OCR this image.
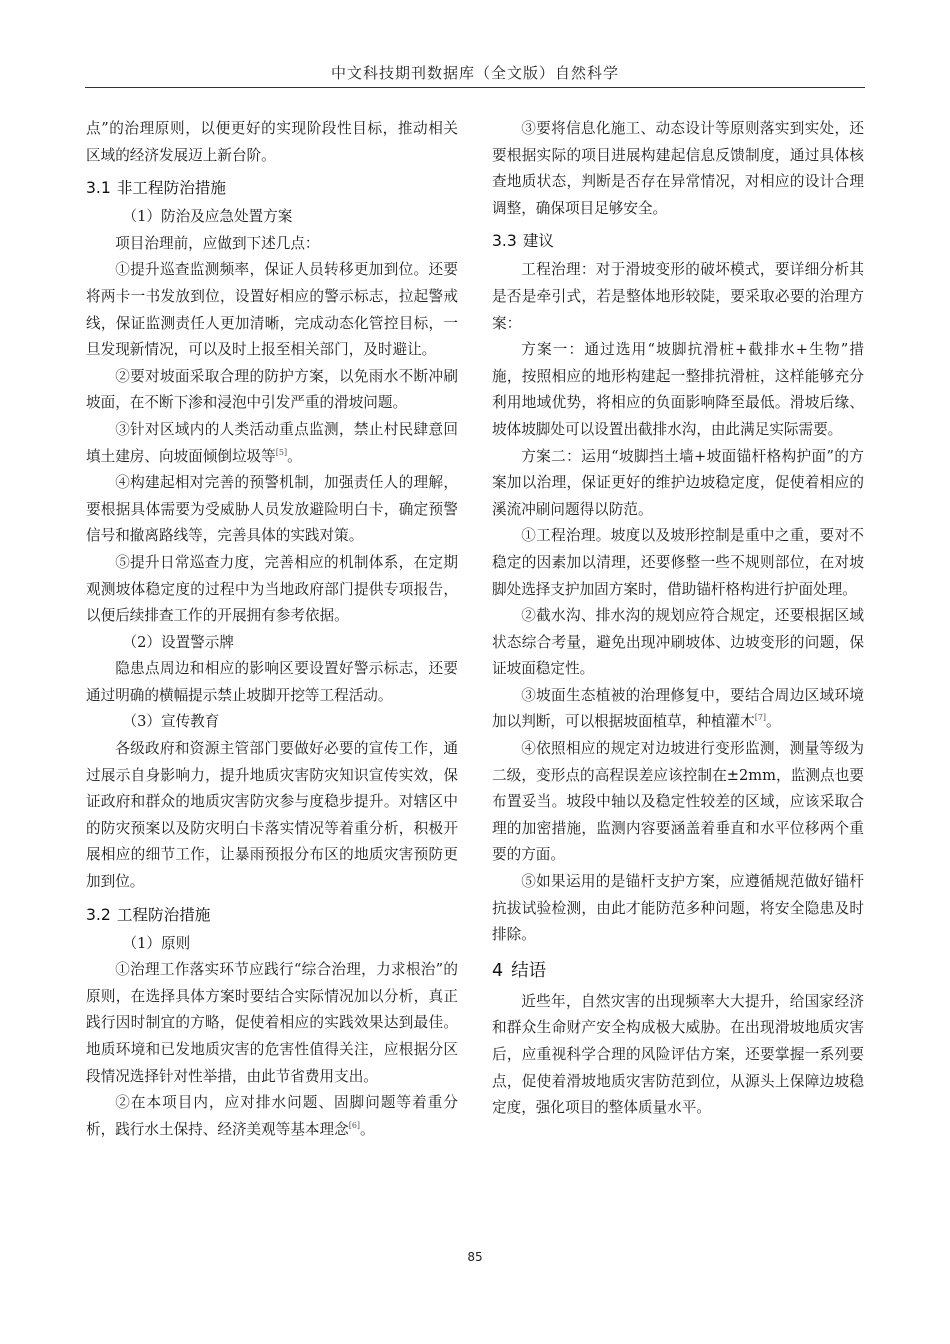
中文科技期刊数据库（全文版）自然科学

点”的治理原则，以便更好的实现阶段性目标，推动相关区域的经济发展迈上新台阶。

3.1 非工程防治措施

（1）防治及应急处置方案

项目治理前，应做到下述几点：

①提升巡查监测频率，保证人员转移更加到位。还要将两卡一书发放到位，设置好相应的警示标志，拉起警戒线，保证监测责任人更加清晰，完成动态化管控目标，一旦发现新情况，可以及时上报至相关部门，及时避让。

②要对坡面采取合理的防护方案，以免雨水不断冲刷坡面，在不断下渗和浸泡中引发严重的滑坡问题。

③针对区域内的人类活动重点监测，禁止村民肆意回填土建房、向坡面倾倒垃圾等[5]。

④构建起相对完善的预警机制，加强责任人的理解，要根据具体需要为受威胁人员发放避险明白卡，确定预警信号和撤离路线等，完善具体的实践对策。

⑤提升日常巡查力度，完善相应的机制体系，在定期观测坡体稳定度的过程中为当地政府部门提供专项报告，以便后续排查工作的开展拥有参考依据。

（2）设置警示牌

隐患点周边和相应的影响区要设置好警示标志，还要通过明确的横幅提示禁止坡脚开挖等工程活动。

（3）宣传教育

各级政府和资源主管部门要做好必要的宣传工作，通过展示自身影响力，提升地质灾害防灾知识宣传实效，保证政府和群众的地质灾害防灾参与度稳步提升。对辖区中的防灾预案以及防灾明白卡落实情况等着重分析，积极开展相应的细节工作，让暴雨预报分布区的地质灾害预防更加到位。

3.2 工程防治措施

（1）原则

①治理工作落实环节应践行“综合治理，力求根治”的原则，在选择具体方案时要结合实际情况加以分析，真正践行因时制宜的方略，促使着相应的实践效果达到最佳。地质环境和已发地质灾害的危害性值得关注，应根据分区段情况选择针对性举措，由此节省费用支出。

②在本项目内，应对排水问题、固脚问题等着重分析，践行水土保持、经济美观等基本理念[6]。

③要将信息化施工、动态设计等原则落实到实处，还要根据实际的项目进展构建起信息反馈制度，通过具体核查地质状态，判断是否存在异常情况，对相应的设计合理调整，确保项目足够安全。

3.3 建议

工程治理：对于滑坡变形的破坏模式，要详细分析其是否是牵引式，若是整体地形较陡，要采取必要的治理方案：

方案一：通过选用“坡脚抗滑桩+截排水+生物”措施，按照相应的地形构建起一整排抗滑桩，这样能够充分利用地域优势，将相应的负面影响降至最低。滑坡后缘、坡体坡脚处可以设置出截排水沟，由此满足实际需要。

方案二：运用“坡脚挡土墙+坡面锚杆格构护面”的方案加以治理，保证更好的维护边坡稳定度，促使着相应的溪流冲刷问题得以防范。

①工程治理。坡度以及坡形控制是重中之重，要对不稳定的因素加以清理，还要修整一些不规则部位，在对坡脚处选择支护加固方案时，借助锚杆格构进行护面处理。

②截水沟、排水沟的规划应符合规定，还要根据区域状态综合考量，避免出现冲刷坡体、边坡变形的问题，保证坡面稳定性。

③坡面生态植被的治理修复中，要结合周边区域环境加以判断，可以根据坡面植草，种植灌木[7]。

④依照相应的规定对边坡进行变形监测，测量等级为二级，变形点的高程误差应该控制在±2mm，监测点也要布置妥当。坡段中轴以及稳定性较差的区域，应该采取合理的加密措施，监测内容要涵盖着垂直和水平位移两个重要的方面。

⑤如果运用的是锚杆支护方案，应遵循规范做好锚杆抗拔试验检测，由此才能防范多种问题，将安全隐患及时排除。

4 结语

近些年，自然灾害的出现频率大大提升，给国家经济和群众生命财产安全构成极大威胁。在出现滑坡地质灾害后，应重视科学合理的风险评估方案，还要掌握一系列要点，促使着滑坡地质灾害防范到位，从源头上保障边坡稳定度，强化项目的整体质量水平。

85
